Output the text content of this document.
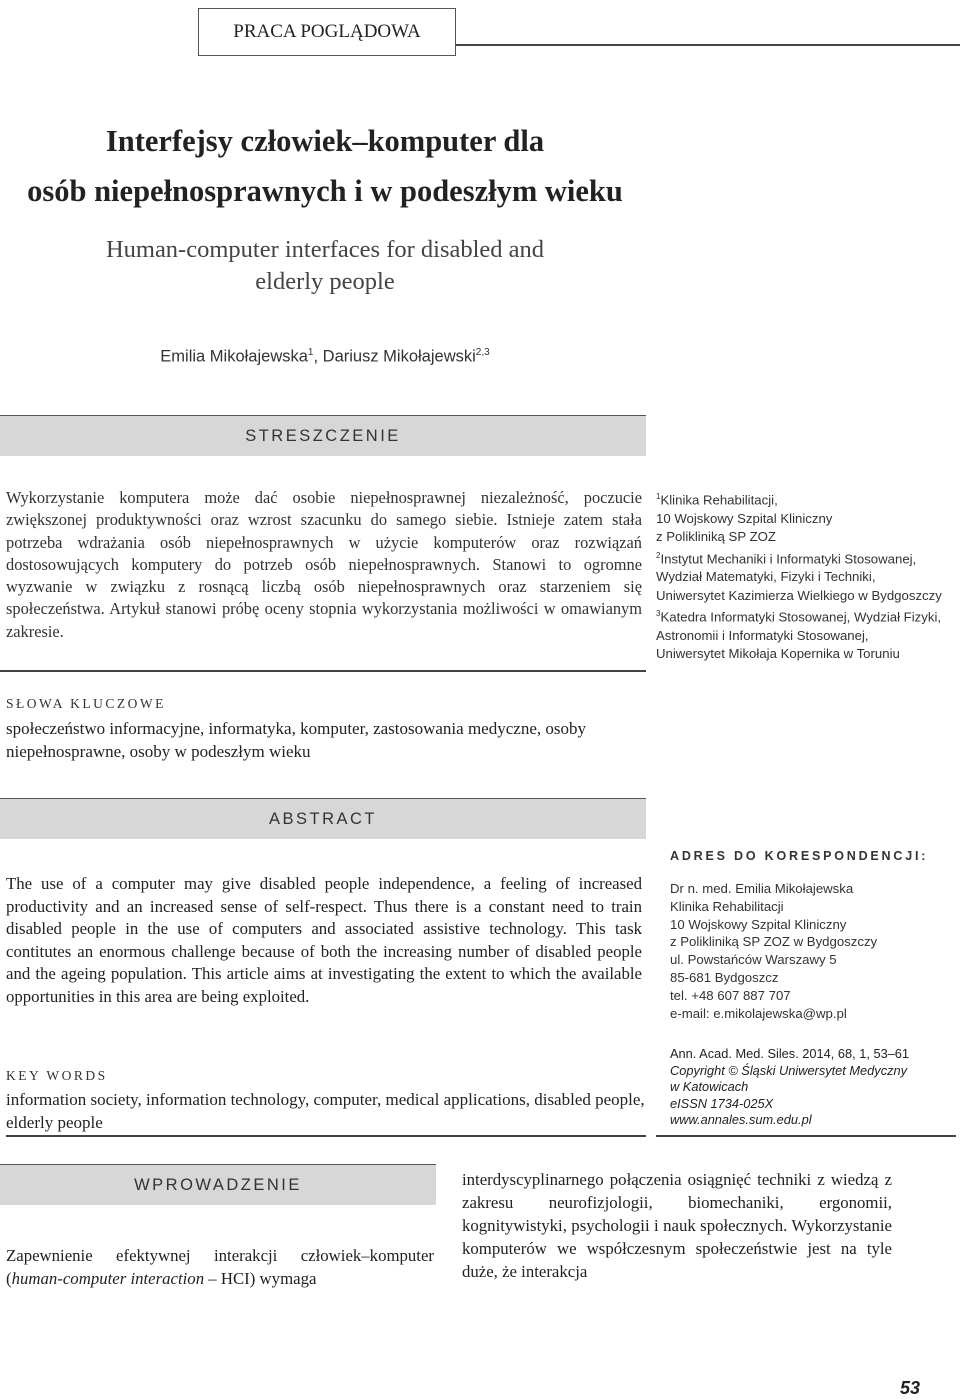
PRACA POGLĄDOWA
Interfejsy człowiek–komputer dla
osób niepełnosprawnych i w podeszłym wieku
Human-computer interfaces for disabled and
elderly people
Emilia Mikołajewska$^1$, Dariusz Mikołajewski$^{2,3}$
STRESZCZENIE
Wykorzystanie komputera może dać osobie niepełnosprawnej niezależność, poczucie zwiększonej produktywności oraz wzrost szacunku do samego siebie. Istnieje zatem stała potrzeba wdrażania osób niepełnosprawnych w użycie komputerów oraz rozwiązań dostosowujących komputery do potrzeb osób niepełnosprawnych. Stanowi to ogromne wyzwanie w związku z rosnącą liczbą osób niepełnosprawnych oraz starzeniem się społeczeństwa. Artykuł stanowi próbę oceny stopnia wykorzystania możliwości w omawianym zakresie.
$^1$Klinika Rehabilitacji,
10 Wojskowy Szpital Kliniczny
z Polikliniką SP ZOZ
$^2$Instytut Mechaniki i Informatyki Stosowanej,
Wydział Matematyki, Fizyki i Techniki,
Uniwersytet Kazimierza Wielkiego w Bydgoszczy
$^3$Katedra Informatyki Stosowanej, Wydział Fizyki,
Astronomii i Informatyki Stosowanej,
Uniwersytet Mikołaja Kopernika w Toruniu
SŁOWA KLUCZOWE
społeczeństwo informacyjne, informatyka, komputer, zastosowania medyczne, osoby niepełnosprawne, osoby w podeszłym wieku
ABSTRACT
The use of a computer may give disabled people independence, a feeling of increased productivity and an increased sense of self-respect. Thus there is a constant need to train disabled people in the use of computers and associated assistive technology. This task contitutes an enormous challenge because of both the increasing number of disabled people and the ageing population. This article aims at investigating the extent to which the available opportunities in this area are being exploited.
ADRES DO KORESPONDENCJI:
Dr n. med. Emilia Mikołajewska
Klinika Rehabilitacji
10 Wojskowy Szpital Kliniczny
z Polikliniką SP ZOZ w Bydgoszczy
ul. Powstańców Warszawy 5
85-681 Bydgoszcz
tel. +48 607 887 707
e-mail: e.mikolajewska@wp.pl
Ann. Acad. Med. Siles. 2014, 68, 1, 53–61
Copyright © Śląski Uniwersytet Medyczny
w Katowicach
eISSN 1734-025X
www.annales.sum.edu.pl
KEY WORDS
information society, information technology, computer, medical applications, disabled people, elderly people
WPROWADZENIE
Zapewnienie efektywnej interakcji człowiek–komputer (human-computer interaction – HCI) wymaga
interdyscyplinarnego połączenia osiągnięć techniki z wiedzą z zakresu neurofizjologii, biomechaniki, ergonomii, kognitywistyki, psychologii i nauk społecznych. Wykorzystanie komputerów we współczesnym społeczeństwie jest na tyle duże, że interakcja
53
